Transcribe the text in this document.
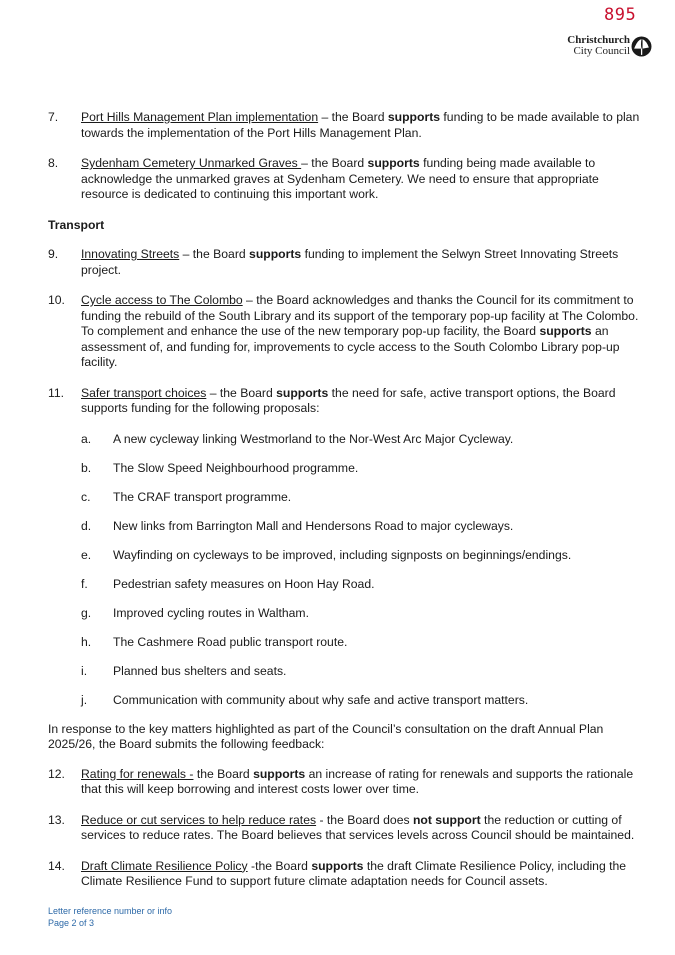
895
Christchurch
City Council
7. Port Hills Management Plan implementation – the Board supports funding to be made available to plan towards the implementation of the Port Hills Management Plan.
8. Sydenham Cemetery Unmarked Graves – the Board supports funding being made available to acknowledge the unmarked graves at Sydenham Cemetery. We need to ensure that appropriate resource is dedicated to continuing this important work.
Transport
9. Innovating Streets – the Board supports funding to implement the Selwyn Street Innovating Streets project.
10. Cycle access to The Colombo – the Board acknowledges and thanks the Council for its commitment to funding the rebuild of the South Library and its support of the temporary pop-up facility at The Colombo. To complement and enhance the use of the new temporary pop-up facility, the Board supports an assessment of, and funding for, improvements to cycle access to the South Colombo Library pop-up facility.
11. Safer transport choices – the Board supports the need for safe, active transport options, the Board supports funding for the following proposals:
a. A new cycleway linking Westmorland to the Nor-West Arc Major Cycleway.
b. The Slow Speed Neighbourhood programme.
c. The CRAF transport programme.
d. New links from Barrington Mall and Hendersons Road to major cycleways.
e. Wayfinding on cycleways to be improved, including signposts on beginnings/endings.
f. Pedestrian safety measures on Hoon Hay Road.
g. Improved cycling routes in Waltham.
h. The Cashmere Road public transport route.
i. Planned bus shelters and seats.
j. Communication with community about why safe and active transport matters.
In response to the key matters highlighted as part of the Council’s consultation on the draft Annual Plan 2025/26, the Board submits the following feedback:
12. Rating for renewals - the Board supports an increase of rating for renewals and supports the rationale that this will keep borrowing and interest costs lower over time.
13. Reduce or cut services to help reduce rates - the Board does not support the reduction or cutting of services to reduce rates. The Board believes that services levels across Council should be maintained.
14. Draft Climate Resilience Policy -the Board supports the draft Climate Resilience Policy, including the Climate Resilience Fund to support future climate adaptation needs for Council assets.
Letter reference number or info
Page 2 of 3
